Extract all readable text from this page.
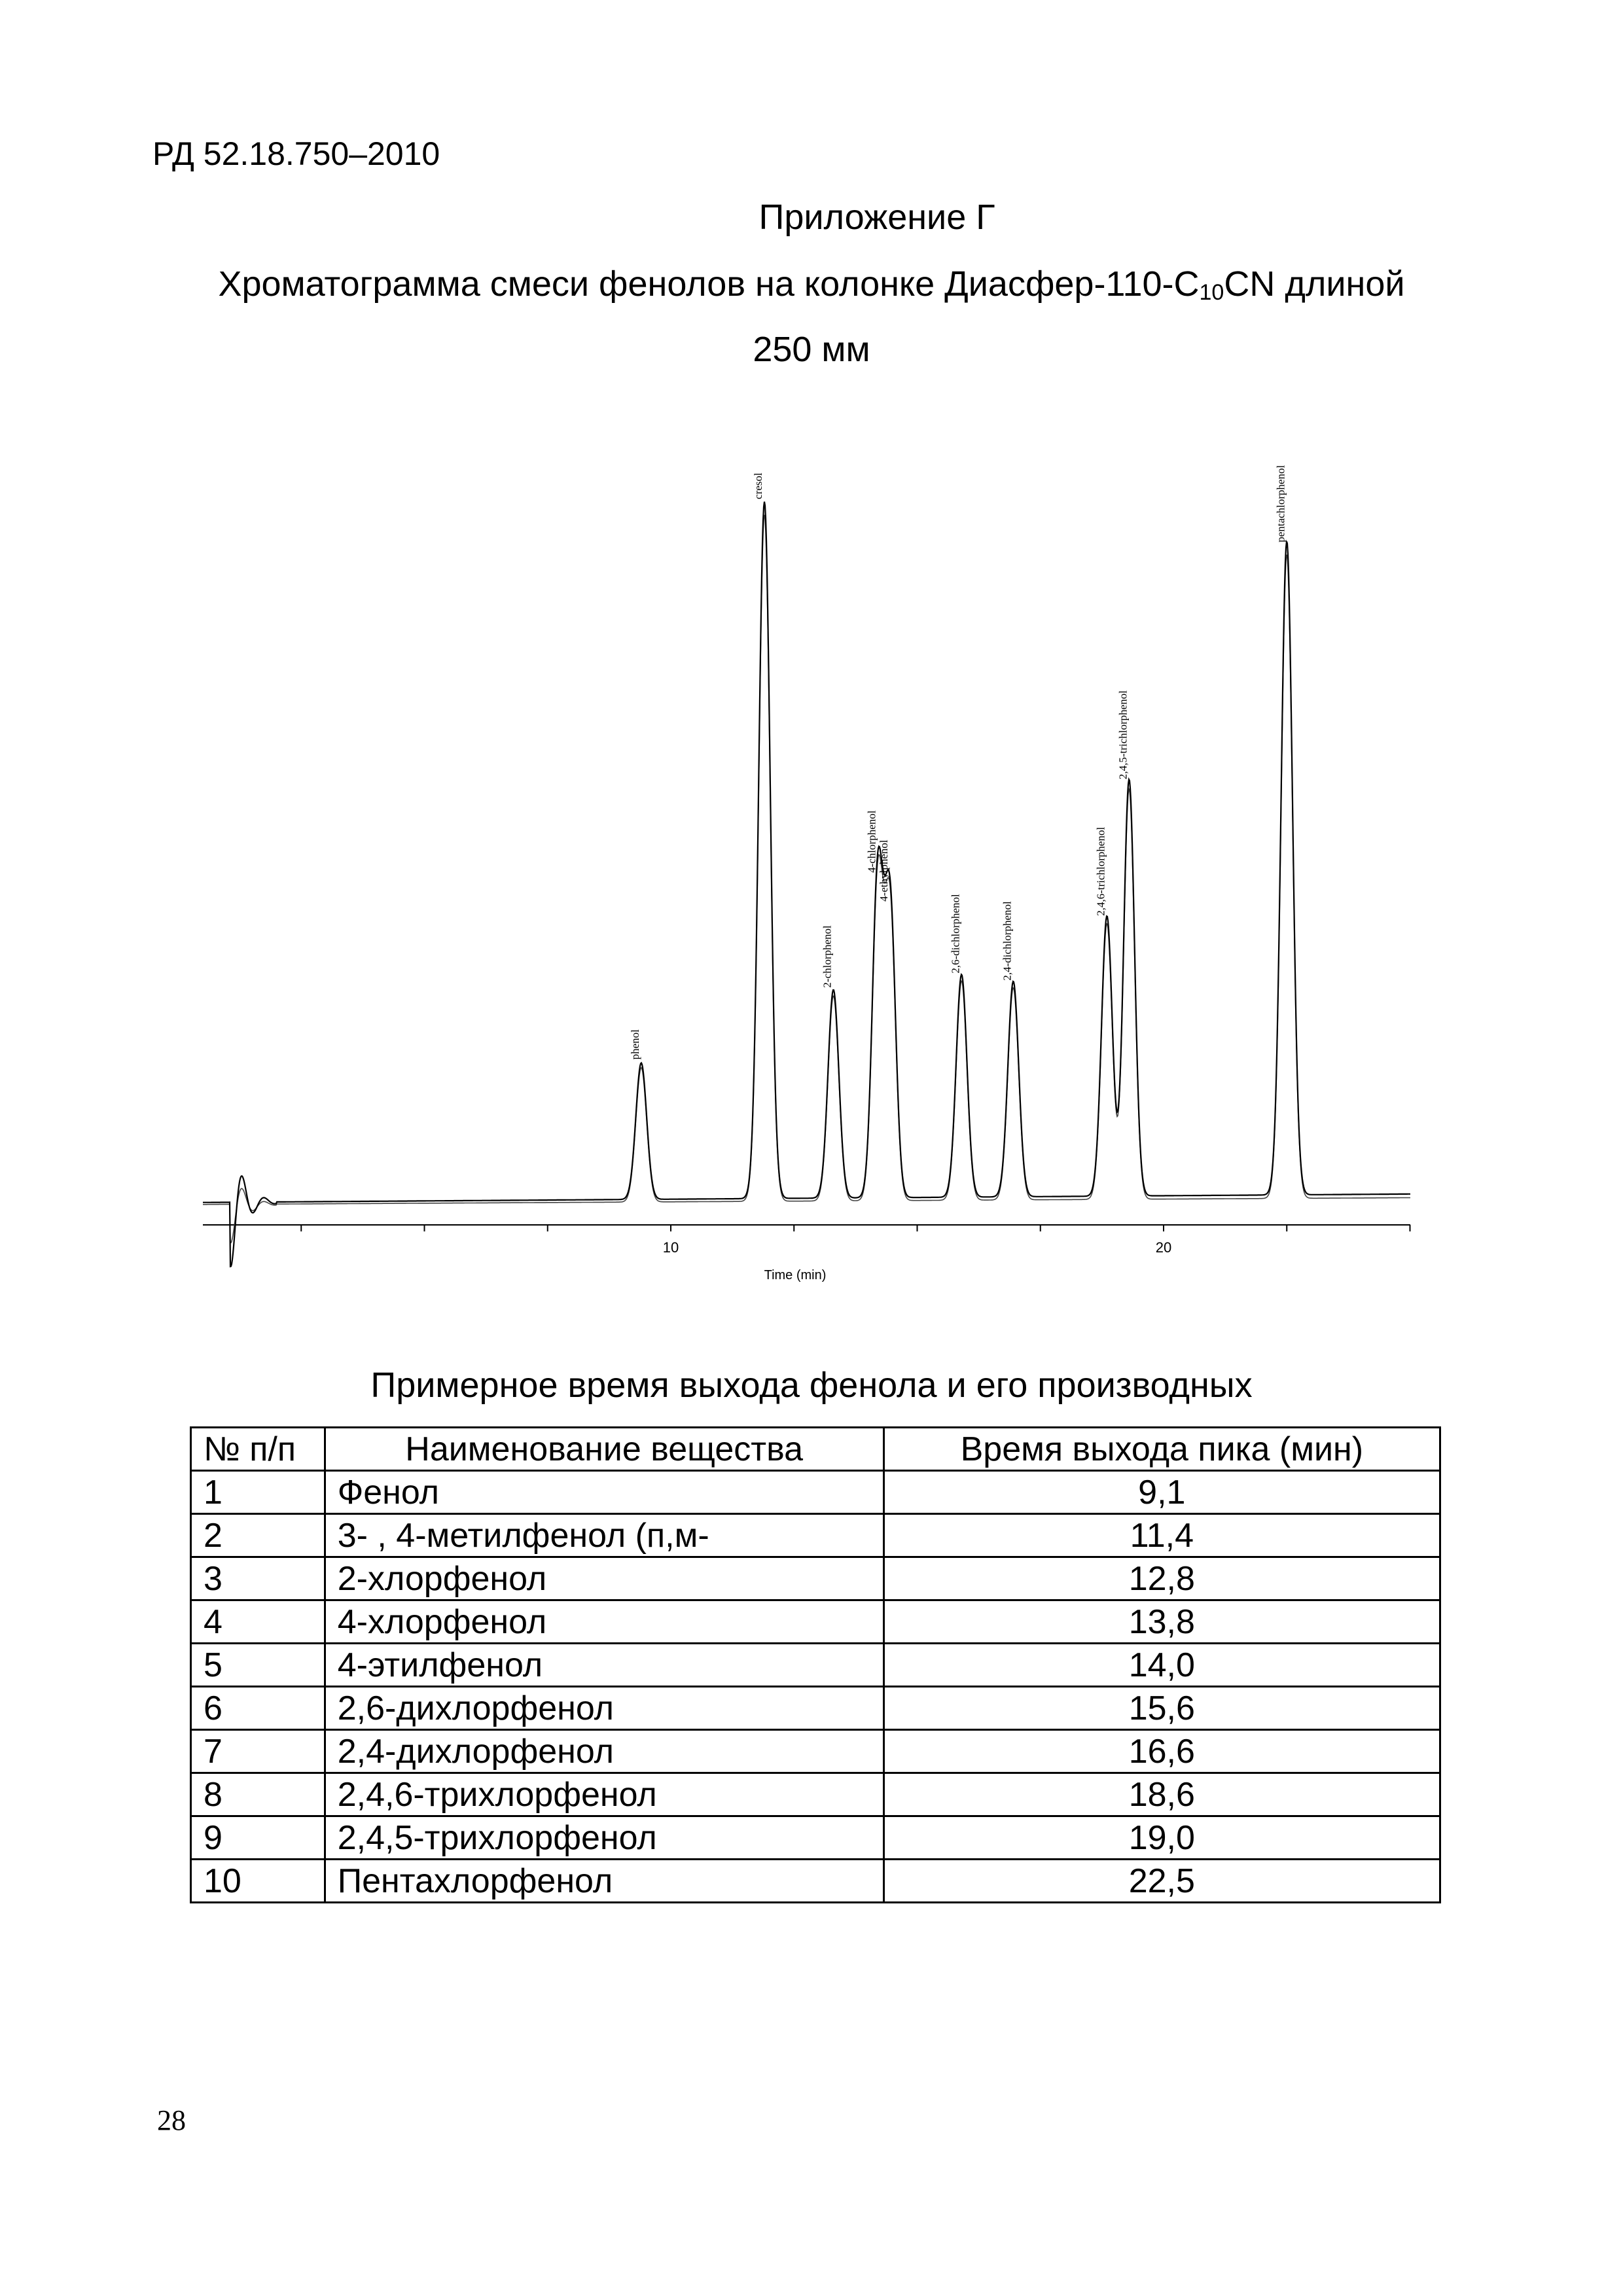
РД 52.18.750–2010
Приложение Г
Хроматограмма смеси фенолов на колонке Диасфер-$110-С_{10}CN$ длиной
250 мм
10	20
phenol
cresol
2-chlorphenol
4-chlorphenol 4-ethylphenol
2,6-dichlorphenol	2,4-dichlorphenol
2,4,6-trichlorphenol
2,4,5-trichlorphenol
pentachlorphenol
Time (min)
Примерное время выхода фенола и его производных
№ п/п	Наименование вещества	Время выхода пика (мин)
1	Фенол	9,1
2	3- , 4-метилфенол (п,м-	11,4
3	2-хлорфенол	12,8
4	4-хлорфенол	13,8
5	4-этилфенол	14,0
6	2,6-дихлорфенол	15,6
7	2,4-дихлорфенол	16,6
8	2,4,6-трихлорфенол	18,6
9	2,4,5-трихлорфенол	19,0
10	Пентахлорфенол	22,5
28
